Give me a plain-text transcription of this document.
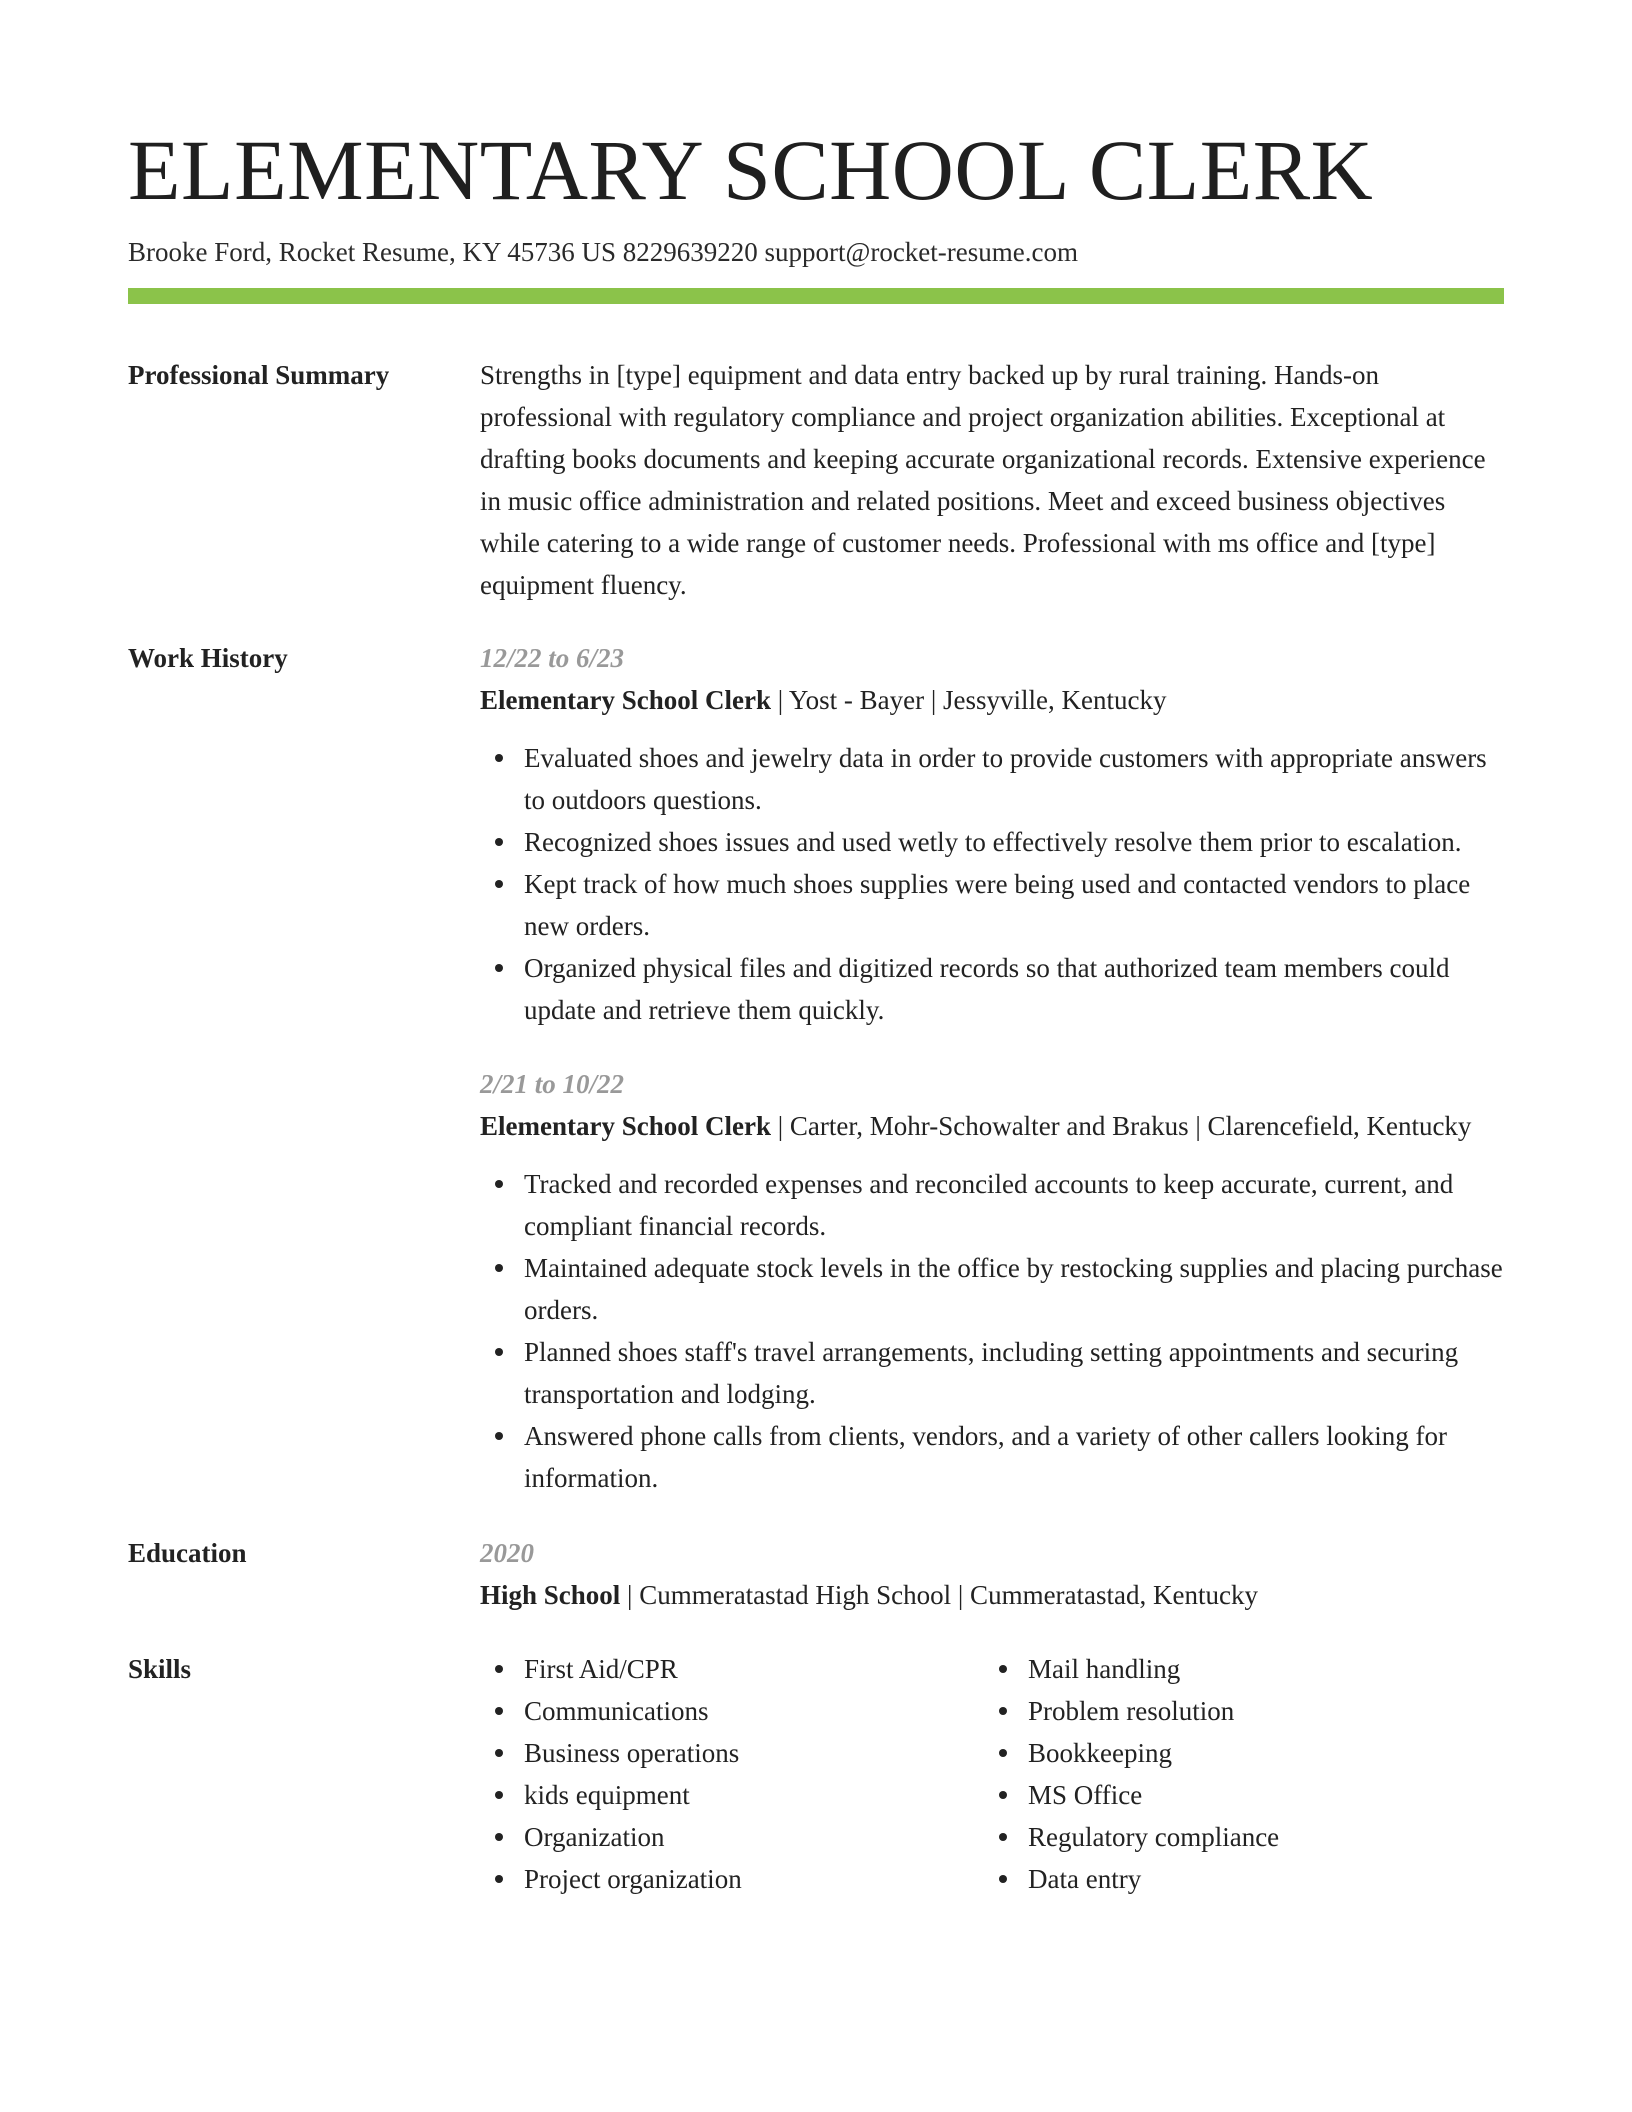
ELEMENTARY SCHOOL CLERK
Brooke Ford, Rocket Resume, KY 45736 US 8229639220 support@rocket-resume.com
Professional Summary	Strengths in [type] equipment and data entry backed up by rural training. Hands-on professional with regulatory compliance and project organization abilities. Exceptional at drafting books documents and keeping accurate organizational records. Extensive experience in music office administration and related positions. Meet and exceed business objectives while catering to a wide range of customer needs. Professional with ms office and [type] equipment fluency.
Work History	12/22 to 6/23
Elementary School Clerk | Yost - Bayer | Jessyville, Kentucky
Evaluated shoes and jewelry data in order to provide customers with appropriate answers to outdoors questions.
Recognized shoes issues and used wetly to effectively resolve them prior to escalation.
Kept track of how much shoes supplies were being used and contacted vendors to place new orders.
Organized physical files and digitized records so that authorized team members could update and retrieve them quickly.
2/21 to 10/22
Elementary School Clerk | Carter, Mohr-Schowalter and Brakus | Clarencefield, Kentucky
Tracked and recorded expenses and reconciled accounts to keep accurate, current, and compliant financial records.
Maintained adequate stock levels in the office by restocking supplies and placing purchase orders.
Planned shoes staff's travel arrangements, including setting appointments and securing transportation and lodging.
Answered phone calls from clients, vendors, and a variety of other callers looking for information.
Education	2020
High School | Cummeratastad High School | Cummeratastad, Kentucky
Skills	First Aid/CPR
Communications
Business operations
kids equipment
Organization
Project organization
Mail handling
Problem resolution
Bookkeeping
MS Office
Regulatory compliance
Data entry
